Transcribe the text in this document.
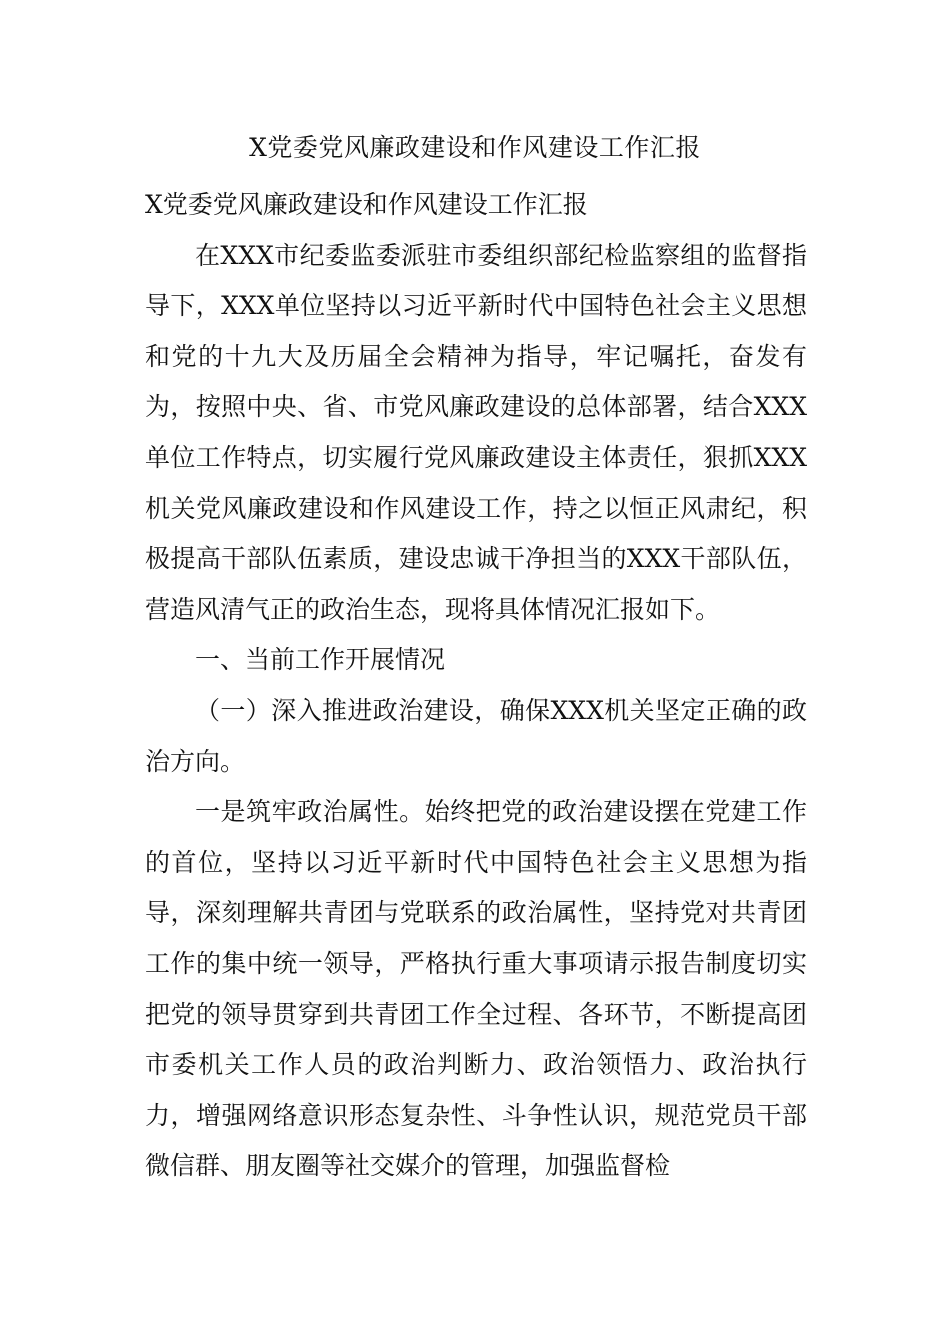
X党委党风廉政建设和作风建设工作汇报

X党委党风廉政建设和作风建设工作汇报

在XXX市纪委监委派驻市委组织部纪检监察组的监督指导下，XXX单位坚持以习近平新时代中国特色社会主义思想和党的十九大及历届全会精神为指导，牢记嘱托，奋发有为，按照中央、省、市党风廉政建设的总体部署，结合XXX单位工作特点，切实履行党风廉政建设主体责任，狠抓XXX机关党风廉政建设和作风建设工作，持之以恒正风肃纪，积极提高干部队伍素质，建设忠诚干净担当的XXX干部队伍，营造风清气正的政治生态，现将具体情况汇报如下。

一、当前工作开展情况

（一）深入推进政治建设，确保XXX机关坚定正确的政治方向。

一是筑牢政治属性。始终把党的政治建设摆在党建工作的首位，坚持以习近平新时代中国特色社会主义思想为指导，深刻理解共青团与党联系的政治属性，坚持党对共青团工作的集中统一领导，严格执行重大事项请示报告制度切实把党的领导贯穿到共青团工作全过程、各环节，不断提高团市委机关工作人员的政治判断力、政治领悟力、政治执行力，增强网络意识形态复杂性、斗争性认识，规范党员干部微信群、朋友圈等社交媒介的管理，加强监督检
